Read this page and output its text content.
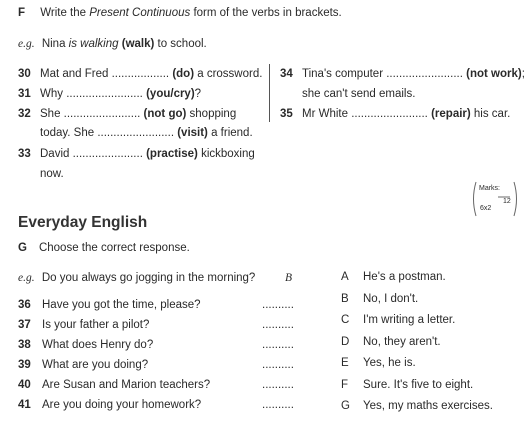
F Write the Present Continuous form of the verbs in brackets.
e.g. Nina is walking (walk) to school.
30 Mat and Fred .................. (do) a crossword.
31 Why ........................ (you/cry)?
32 She ........................ (not go) shopping
today. She ........................ (visit) a friend.
33 David ...................... (practise) kickboxing
now.
34 Tina's computer ........................ (not work);
she can't send emails.
35 Mr White ........................ (repair) his car.
Marks:
12
6x2
Everyday English
G Choose the correct response.
e.g. Do you always go jogging in the morning?	B
36 Have you got the time, please?	..........
37 Is your father a pilot?	..........
38 What does Henry do?	..........
39 What are you doing?	..........
40 Are Susan and Marion teachers?	..........
41 Are you doing your homework?	..........
A He's a postman.
B No, I don't.
C I'm writing a letter.
D No, they aren't.
E Yes, he is.
F Sure. It's five to eight.
G Yes, my maths exercises.
